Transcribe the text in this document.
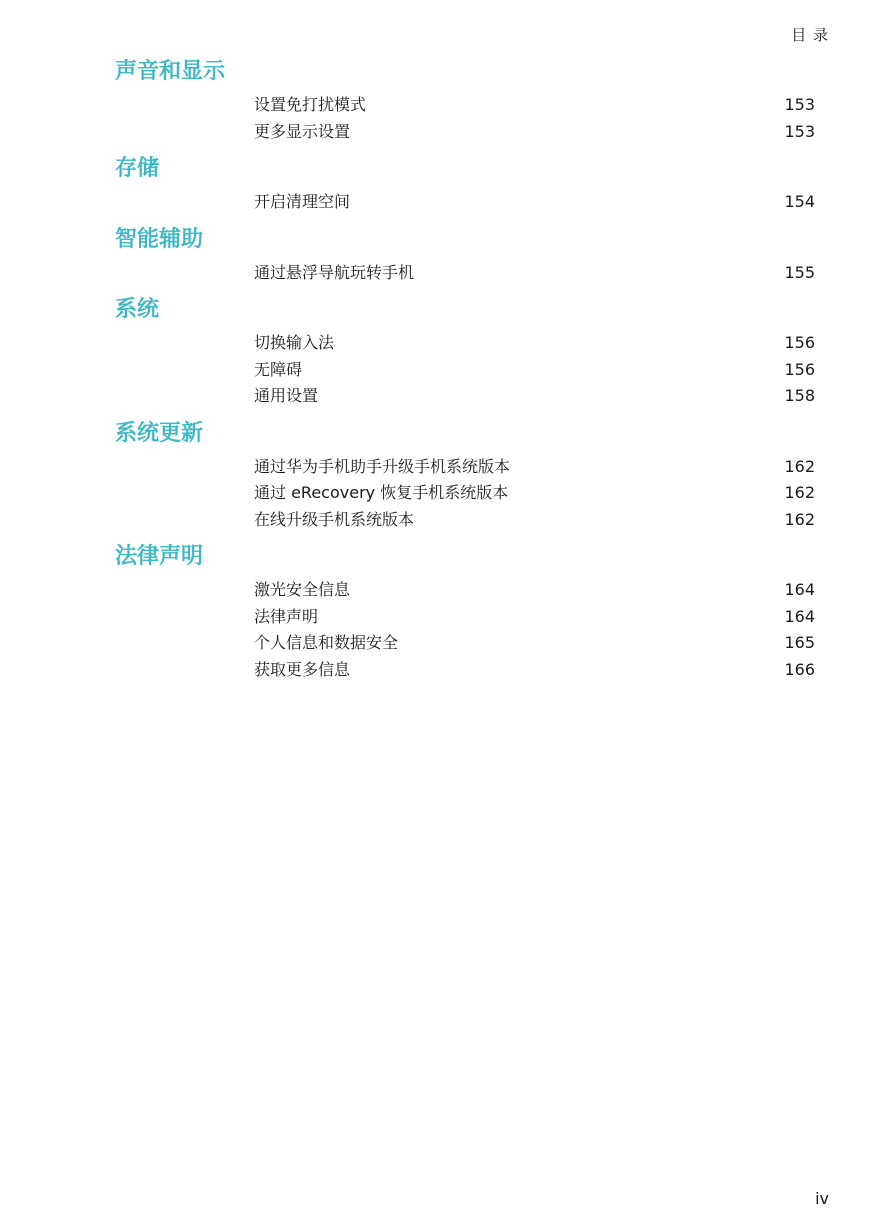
目 录
声音和显示
设置免打扰模式	153
更多显示设置	153
存储
开启清理空间	154
智能辅助
通过悬浮导航玩转手机	155
系统
切换输入法	156
无障碍	156
通用设置	158
系统更新
通过华为手机助手升级手机系统版本	162
通过 eRecovery 恢复手机系统版本	162
在线升级手机系统版本	162
法律声明
激光安全信息	164
法律声明	164
个人信息和数据安全	165
获取更多信息	166
iv
